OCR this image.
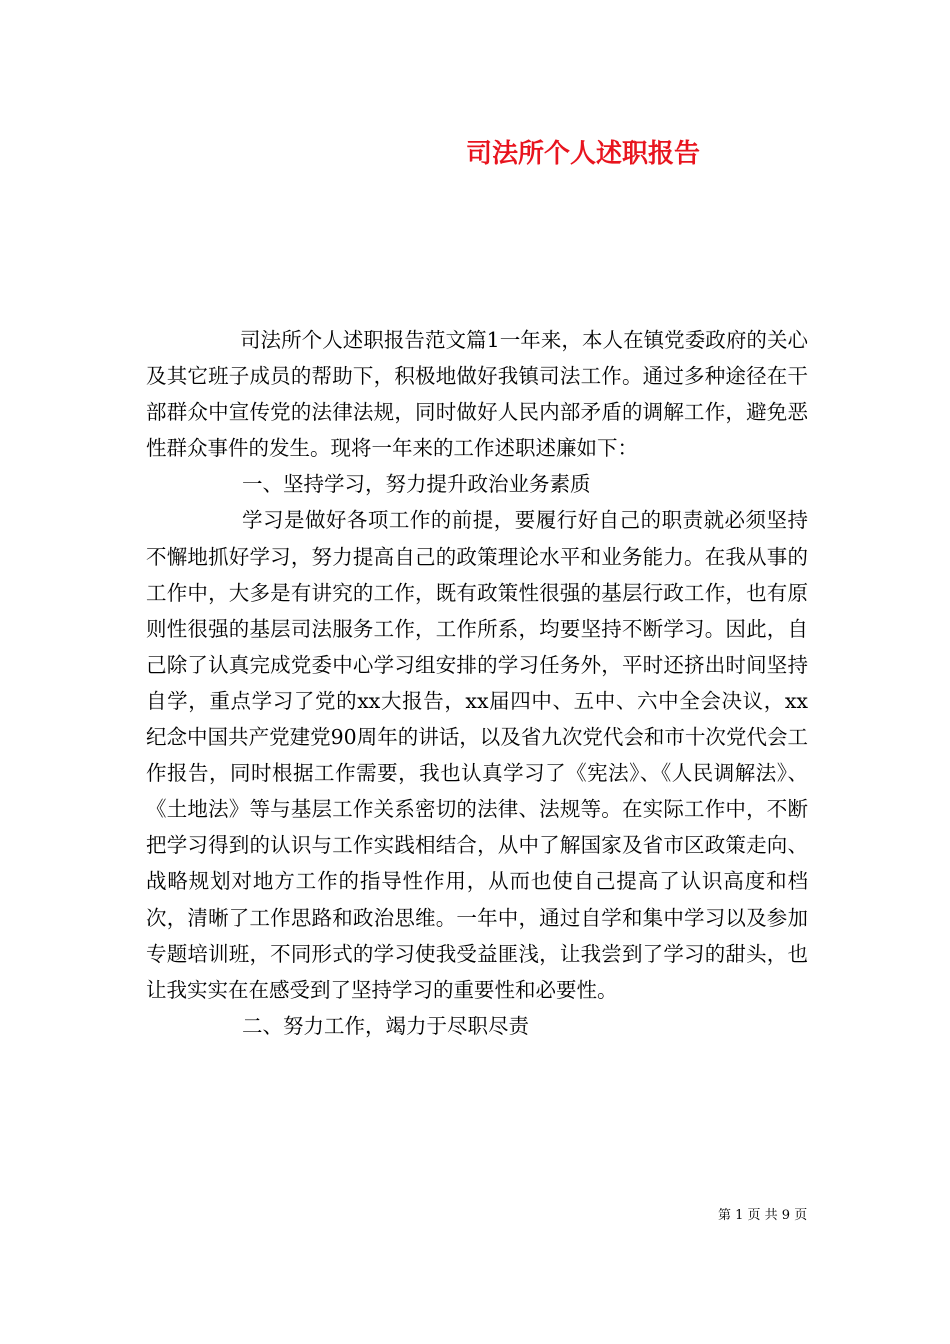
司法所个人述职报告

司法所个人述职报告范文篇1一年来，本人在镇党委政府的关心及其它班子成员的帮助下，积极地做好我镇司法工作。通过多种途径在干部群众中宣传党的法律法规，同时做好人民内部矛盾的调解工作，避免恶性群众事件的发生。现将一年来的工作述职述廉如下：

一、坚持学习，努力提升政治业务素质

学习是做好各项工作的前提，要履行好自己的职责就必须坚持不懈地抓好学习，努力提高自己的政策理论水平和业务能力。在我从事的工作中，大多是有讲究的工作，既有政策性很强的基层行政工作，也有原则性很强的基层司法服务工作，工作所系，均要坚持不断学习。因此，自己除了认真完成党委中心学习组安排的学习任务外，平时还挤出时间坚持自学，重点学习了党的xx大报告，xx届四中、五中、六中全会决议，xx纪念中国共产党建党90周年的讲话，以及省九次党代会和市十次党代会工作报告，同时根据工作需要，我也认真学习了《宪法》、《人民调解法》、《土地法》等与基层工作关系密切的法律、法规等。在实际工作中，不断把学习得到的认识与工作实践相结合，从中了解国家及省市区政策走向、战略规划对地方工作的指导性作用，从而也使自己提高了认识高度和档次，清晰了工作思路和政治思维。一年中，通过自学和集中学习以及参加专题培训班，不同形式的学习使我受益匪浅，让我尝到了学习的甜头，也让我实实在在感受到了坚持学习的重要性和必要性。

二、努力工作，竭力于尽职尽责

第 1 页 共 9 页
